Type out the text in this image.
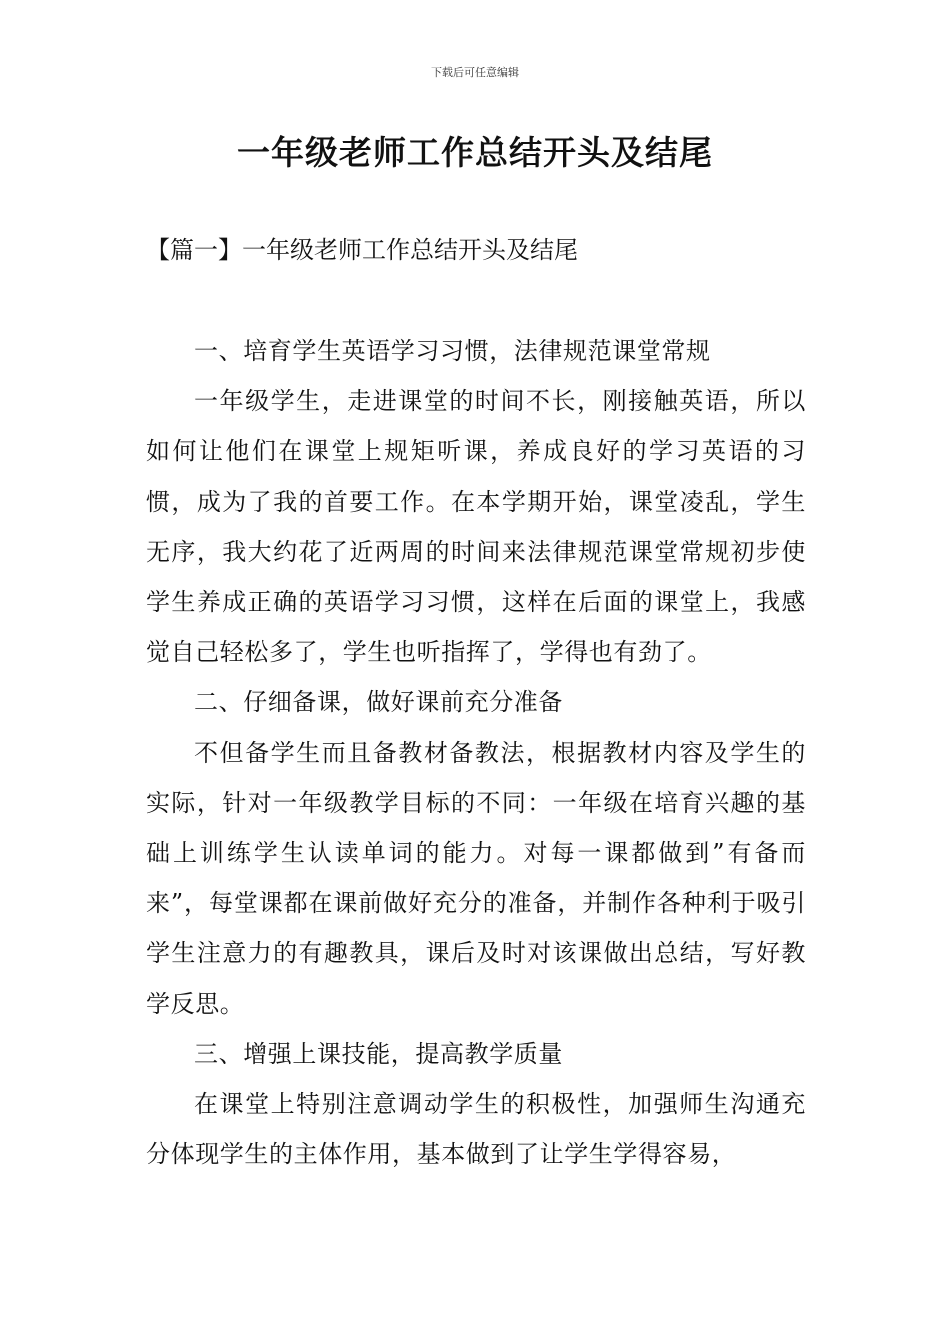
下载后可任意编辑
一年级老师工作总结开头及结尾
【篇一】一年级老师工作总结开头及结尾

一、培育学生英语学习习惯，法律规范课堂常规

一年级学生，走进课堂的时间不长，刚接触英语，所以如何让他们在课堂上规矩听课，养成良好的学习英语的习惯，成为了我的首要工作。在本学期开始，课堂凌乱，学生无序，我大约花了近两周的时间来法律规范课堂常规初步使学生养成正确的英语学习习惯，这样在后面的课堂上，我感觉自己轻松多了，学生也听指挥了，学得也有劲了。

二、仔细备课，做好课前充分准备

不但备学生而且备教材备教法，根据教材内容及学生的实际，针对一年级教学目标的不同：一年级在培育兴趣的基础上训练学生认读单词的能力。对每一课都做到”有备而来”，每堂课都在课前做好充分的准备，并制作各种利于吸引学生注意力的有趣教具，课后及时对该课做出总结，写好教学反思。

三、增强上课技能，提高教学质量

在课堂上特别注意调动学生的积极性，加强师生沟通充分体现学生的主体作用，基本做到了让学生学得容易，
